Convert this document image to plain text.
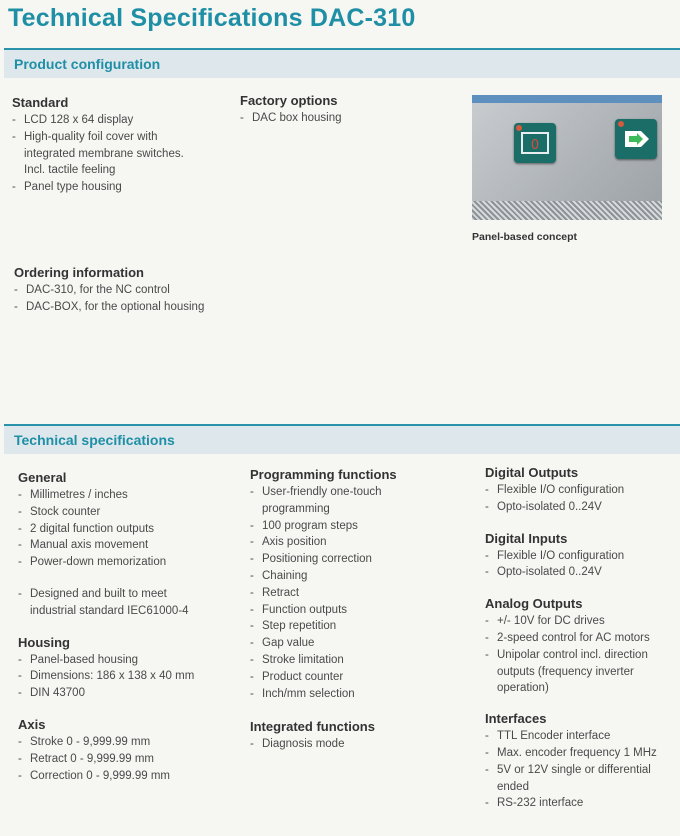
Technical Specifications DAC-310
Product configuration
Standard
- LCD 128 x 64 display
- High-quality foil cover with
integrated membrane switches.
Incl. tactile feeling
- Panel type housing
Factory options
- DAC box housing
Ordering information
- DAC-310, for the NC control
- DAC-BOX, for the optional housing
0
Panel-based concept
Technical specifications
General
- Millimetres / inches
- Stock counter
- 2 digital function outputs
- Manual axis movement
- Power-down memorization
- Designed and built to meet
industrial standard IEC61000-4
Housing
- Panel-based housing
- Dimensions: 186 x 138 x 40 mm
- DIN 43700
Axis
- Stroke 0 - 9,999.99 mm
- Retract 0 - 9,999.99 mm
- Correction 0 - 9,999.99 mm
Programming functions
- User-friendly one-touch
programming
- 100 program steps
- Axis position
- Positioning correction
- Chaining
- Retract
- Function outputs
- Step repetition
- Gap value
- Stroke limitation
- Product counter
- Inch/mm selection
Integrated functions
- Diagnosis mode
Digital Outputs
- Flexible I/O configuration
- Opto-isolated 0..24V
Digital Inputs
- Flexible I/O configuration
- Opto-isolated 0..24V
Analog Outputs
- +/- 10V for DC drives
- 2-speed control for AC motors
- Unipolar control incl. direction
outputs (frequency inverter
operation)
Interfaces
- TTL Encoder interface
- Max. encoder frequency 1 MHz
- 5V or 12V single or differential
ended
- RS-232 interface
